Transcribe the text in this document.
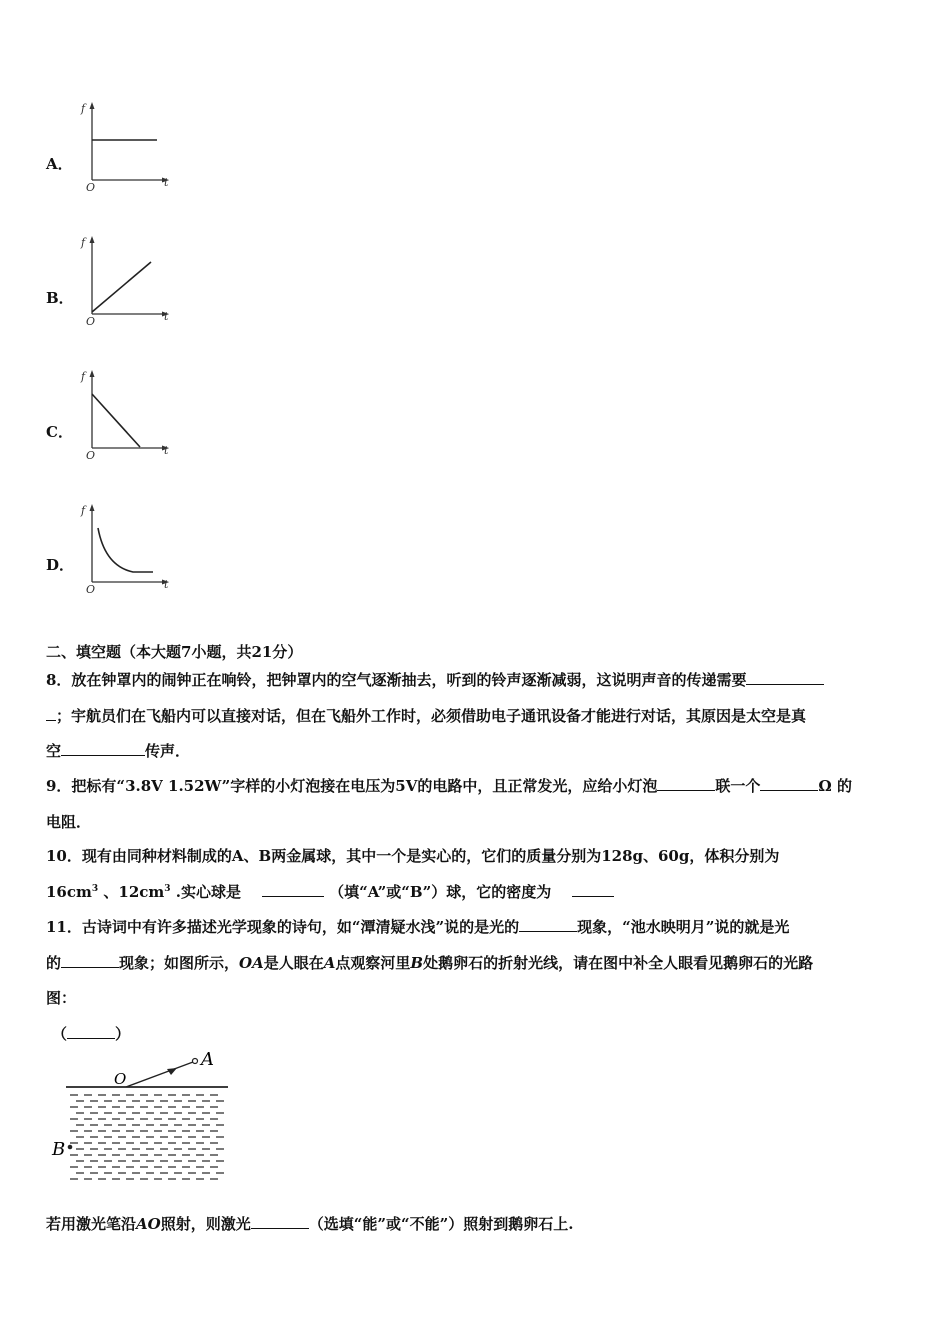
A．
f
t
O
B．
f
t
O
C．
f
t
O
D．
f
t
O
二、填空题（本大题7小题，共21分）
8．放在钟罩内的闹钟正在响铃，把钟罩内的空气逐渐抽去，听到的铃声逐渐减弱，这说明声音的传递需要
；宇航员们在飞船内可以直接对话，但在飞船外工作时，必须借助电子通讯设备才能进行对话，其原因是太空是真
空	传声．
9．把标有“3.8V 1.52W”字样的小灯泡接在电压为5V的电路中，且正常发光，应给小灯泡	联一个	Ω 的
电阻．
10．现有由同种材料制成的A、B两金属球，其中一个是实心的，它们的质量分别为128g、60g，体积分别为
$16cm^3$ 、$12cm^3$ .实心球是	（填“A”或“B”）球，它的密度为
11．古诗词中有许多描述光学现象的诗句，如“潭清疑水浅”说的是光的	现象，“池水映明月”说的就是光
的	现象；如图所示，OA是人眼在A点观察河里B处鹅卵石的折射光线，请在图中补全人眼看见鹅卵石的光路
图：
（	）
O
A
B
若用激光笔沿AO照射，则激光	（选填“能”或“不能”）照射到鹅卵石上.
